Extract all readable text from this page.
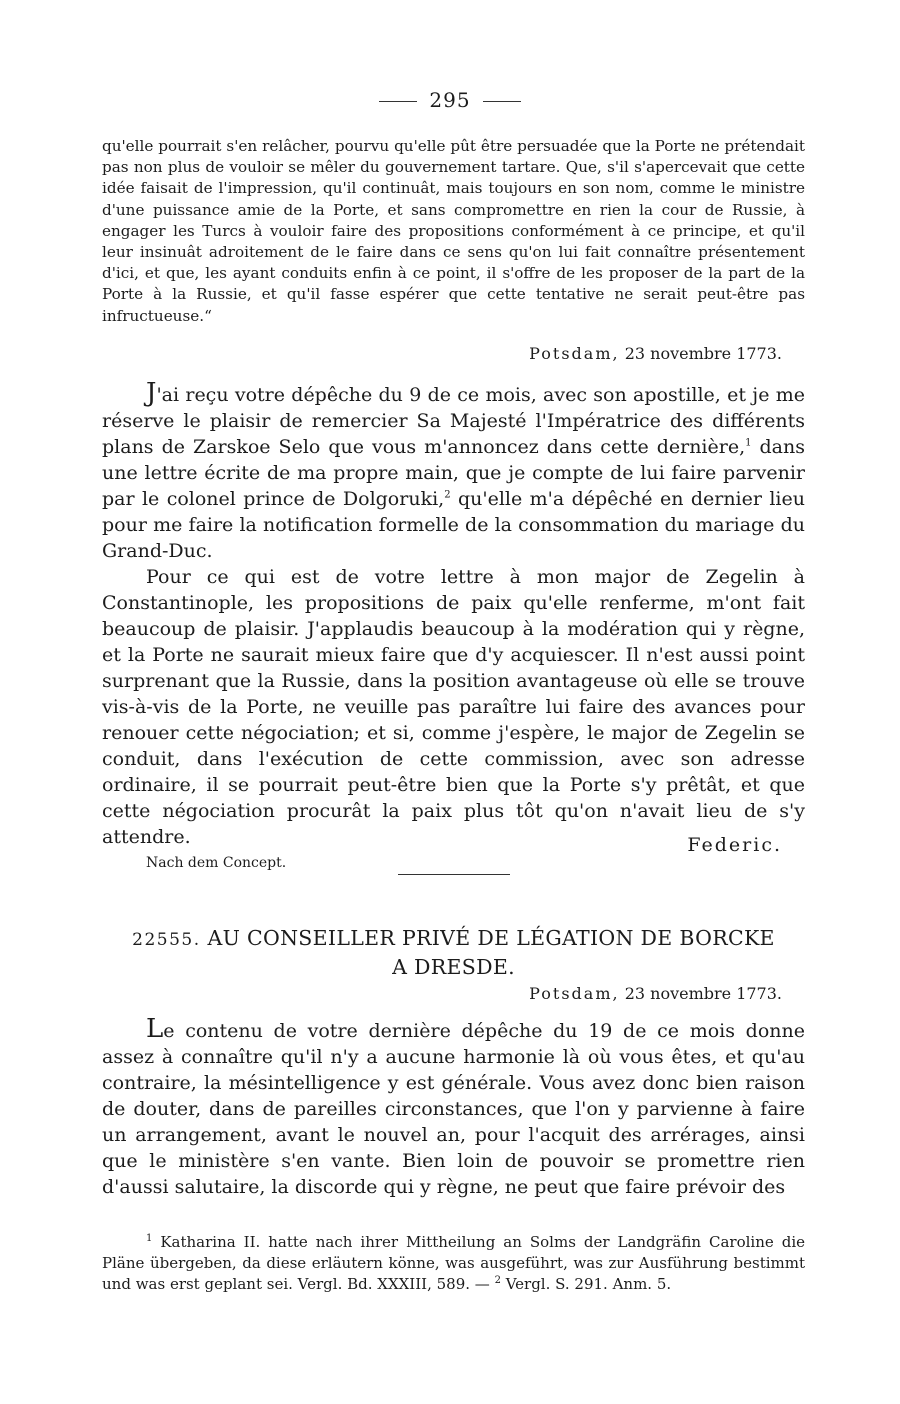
295

qu'elle pourrait s'en relâcher, pourvu qu'elle pût être persuadée que la Porte ne prétendait pas non plus de vouloir se mêler du gouvernement tartare. Que, s'il s'apercevait que cette idée faisait de l'impression, qu'il continuât, mais toujours en son nom, comme le ministre d'une puissance amie de la Porte, et sans compromettre en rien la cour de Russie, à engager les Turcs à vouloir faire des propositions conformément à ce principe, et qu'il leur insinuât adroitement de le faire dans ce sens qu'on lui fait connaître présentement d'ici, et que, les ayant conduits enfin à ce point, il s'offre de les proposer de la part de la Porte à la Russie, et qu'il fasse espérer que cette tentative ne serait peut-être pas infructueuse.“

Potsdam, 23 novembre 1773.

J'ai reçu votre dépêche du 9 de ce mois, avec son apostille, et je me réserve le plaisir de remercier Sa Majesté l'Impératrice des différents plans de Zarskoe Selo que vous m'annoncez dans cette dernière,$^1$ dans une lettre écrite de ma propre main, que je compte de lui faire parvenir par le colonel prince de Dolgoruki,$^2$ qu'elle m'a dépêché en dernier lieu pour me faire la notification formelle de la consommation du mariage du Grand-Duc.

Pour ce qui est de votre lettre à mon major de Zegelin à Constantinople, les propositions de paix qu'elle renferme, m'ont fait beaucoup de plaisir. J'applaudis beaucoup à la modération qui y règne, et la Porte ne saurait mieux faire que d'y acquiescer. Il n'est aussi point surprenant que la Russie, dans la position avantageuse où elle se trouve vis-à-vis de la Porte, ne veuille pas paraître lui faire des avances pour renouer cette négociation; et si, comme j'espère, le major de Zegelin se conduit, dans l'exécution de cette commission, avec son adresse ordinaire, il se pourrait peut-être bien que la Porte s'y prêtât, et que cette négociation procurât la paix plus tôt qu'on n'avait lieu de s'y attendre.	Federic.
Nach dem Concept.
22555. AU CONSEILLER PRIVÉ DE LÉGATION DE BORCKE
A DRESDE.
Potsdam, 23 novembre 1773.

Le contenu de votre dernière dépêche du 19 de ce mois donne assez à connaître qu'il n'y a aucune harmonie là où vous êtes, et qu'au contraire, la mésintelligence y est générale. Vous avez donc bien raison de douter, dans de pareilles circonstances, que l'on y parvienne à faire un arrangement, avant le nouvel an, pour l'acquit des arrérages, ainsi que le ministère s'en vante. Bien loin de pouvoir se promettre rien d'aussi salutaire, la discorde qui y règne, ne peut que faire prévoir des

$^1$ Katharina II. hatte nach ihrer Mittheilung an Solms der Landgräfin Caroline die Pläne übergeben, da diese erläutern könne, was ausgeführt, was zur Ausführung bestimmt und was erst geplant sei. Vergl. Bd. XXXIII, 589. — $^2$ Vergl. S. 291. Anm. 5.
